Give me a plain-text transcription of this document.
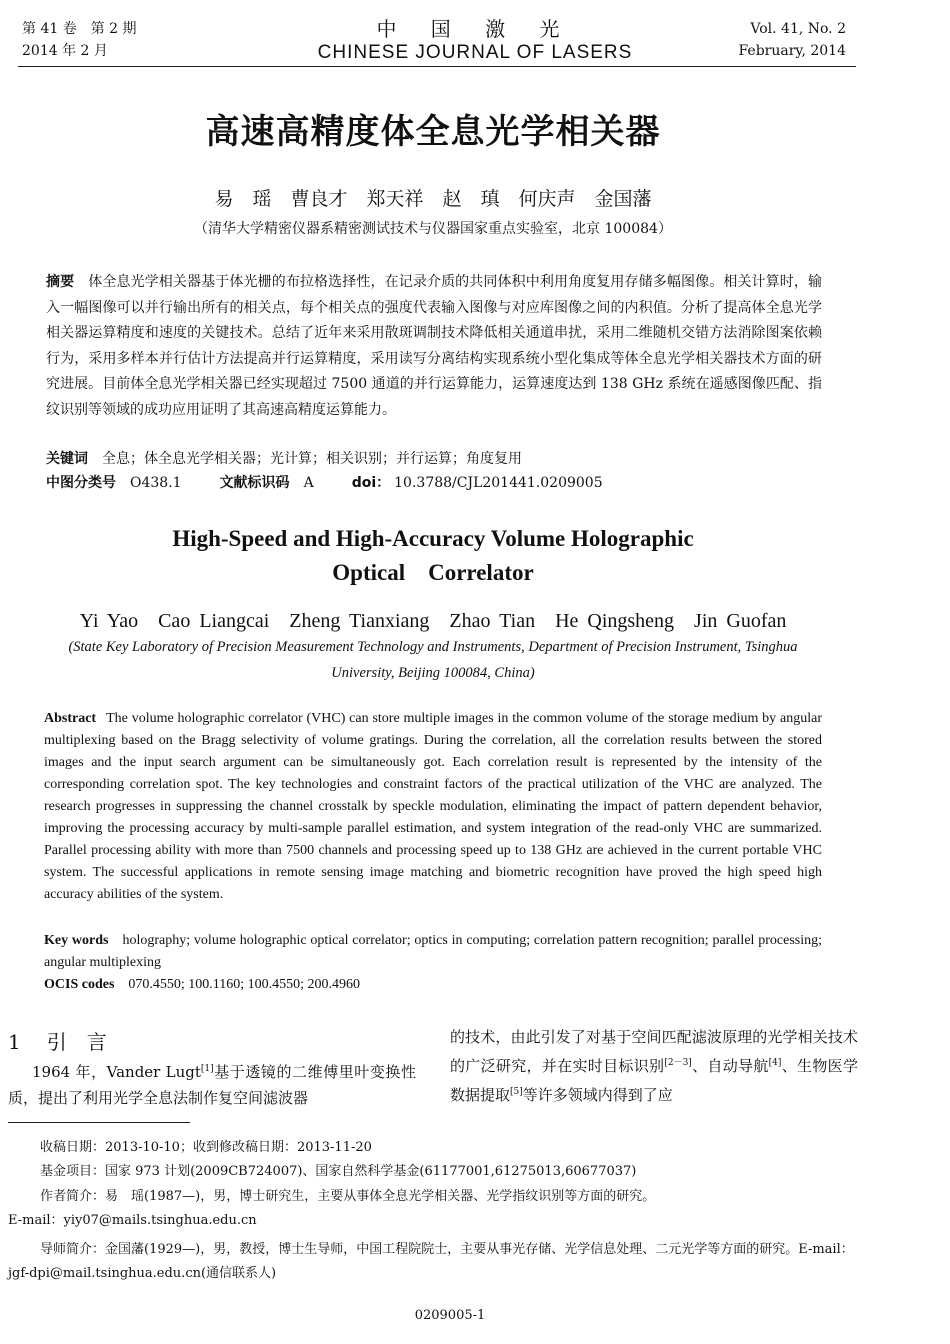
第 41 卷　第 2 期
2014 年 2 月
中 国 激 光
CHINESE JOURNAL OF LASERS
Vol. 41, No. 2
February, 2014
高速高精度体全息光学相关器
易　瑶　曹良才　郑天祥　赵　瑱　何庆声　金国藩
（清华大学精密仪器系精密测试技术与仪器国家重点实验室，北京 100084）
摘要 体全息光学相关器基于体光栅的布拉格选择性，在记录介质的共同体积中利用角度复用存储多幅图像。相关计算时，输入一幅图像可以并行输出所有的相关点，每个相关点的强度代表输入图像与对应库图像之间的内积值。分析了提高体全息光学相关器运算精度和速度的关键技术。总结了近年来采用散斑调制技术降低相关通道串扰，采用二维随机交错方法消除图案依赖行为，采用多样本并行估计方法提高并行运算精度，采用读写分离结构实现系统小型化集成等体全息光学相关器技术方面的研究进展。目前体全息光学相关器已经实现超过 7500 通道的并行运算能力，运算速度达到 138 GHz 系统在遥感图像匹配、指纹识别等领域的成功应用证明了其高速高精度运算能力。
关键词 全息；体全息光学相关器；光计算；相关识别；并行运算；角度复用
中图分类号 O438.1	文献标识码 A	doi： 10.3788/CJL201441.0209005
High-Speed and High-Accuracy Volume Holographic
Optical　Correlator
Yi Yao　Cao Liangcai　Zheng Tianxiang　Zhao Tian　He Qingsheng　Jin Guofan
(State Key Laboratory of Precision Measurement Technology and Instruments, Department of Precision Instrument, Tsinghua University, Beijing 100084, China)
Abstract The volume holographic correlator (VHC) can store multiple images in the common volume of the storage medium by angular multiplexing based on the Bragg selectivity of volume gratings. During the correlation, all the correlation results between the stored images and the input search argument can be simultaneously got. Each correlation result is represented by the intensity of the corresponding correlation spot. The key technologies and constraint factors of the practical utilization of the VHC are analyzed. The research progresses in suppressing the channel crosstalk by speckle modulation, eliminating the impact of pattern dependent behavior, improving the processing accuracy by multi-sample parallel estimation, and system integration of the read-only VHC are summarized. Parallel processing ability with more than 7500 channels and processing speed up to 138 GHz are achieved in the current portable VHC system. The successful applications in remote sensing image matching and biometric recognition have proved the high speed high accuracy abilities of the system.
Key words holography; volume holographic optical correlator; optics in computing; correlation pattern recognition; parallel processing; angular multiplexing
OCIS codes 070.4550; 100.1160; 100.4550; 200.4960
1 引　言
1964 年，Vander Lugt[1]基于透镜的二维傅里叶变换性质，提出了利用光学全息法制作复空间滤波器
的技术，由此引发了对基于空间匹配滤波原理的光学相关技术的广泛研究，并在实时目标识别[2－3]、自动导航[4]、生物医学数据提取[5]等许多领域内得到了应
收稿日期：2013-10-10；收到修改稿日期：2013-11-20
基金项目：国家 973 计划(2009CB724007)、国家自然科学基金(61177001,61275013,60677037)
作者简介：易　瑶(1987—)，男，博士研究生，主要从事体全息光学相关器、光学指纹识别等方面的研究。
E-mail：yiy07@mails.tsinghua.edu.cn
导师简介：金国藩(1929—)，男，教授，博士生导师，中国工程院院士，主要从事光存储、光学信息处理、二元光学等方面的研究。E-mail：jgf-dpi@mail.tsinghua.edu.cn(通信联系人)
0209005-1
